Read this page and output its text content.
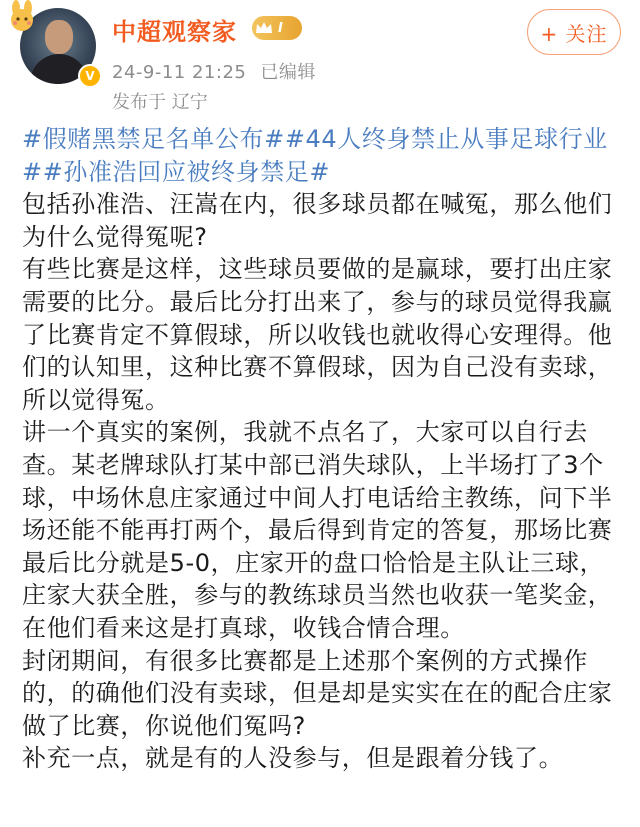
V
中超观察家	I
24-9-11 21:25 已编辑
发布于 辽宁
+ 关注

#假赌黑禁足名单公布##44人终身禁止从事足球行业##孙准浩回应被终身禁足#

包括孙准浩、汪嵩在内，很多球员都在喊冤，那么他们为什么觉得冤呢?

有些比赛是这样，这些球员要做的是赢球，要打出庄家需要的比分。最后比分打出来了，参与的球员觉得我赢了比赛肯定不算假球，所以收钱也就收得心安理得。他们的认知里，这种比赛不算假球，因为自己没有卖球，所以觉得冤。

讲一个真实的案例，我就不点名了，大家可以自行去查。某老牌球队打某中部已消失球队，上半场打了3个球，中场休息庄家通过中间人打电话给主教练，问下半场还能不能再打两个，最后得到肯定的答复，那场比赛最后比分就是5-0，庄家开的盘口恰恰是主队让三球，庄家大获全胜，参与的教练球员当然也收获一笔奖金，在他们看来这是打真球，收钱合情合理。

封闭期间，有很多比赛都是上述那个案例的方式操作的，的确他们没有卖球，但是却是实实在在的配合庄家做了比赛，你说他们冤吗?

补充一点，就是有的人没参与，但是跟着分钱了。
